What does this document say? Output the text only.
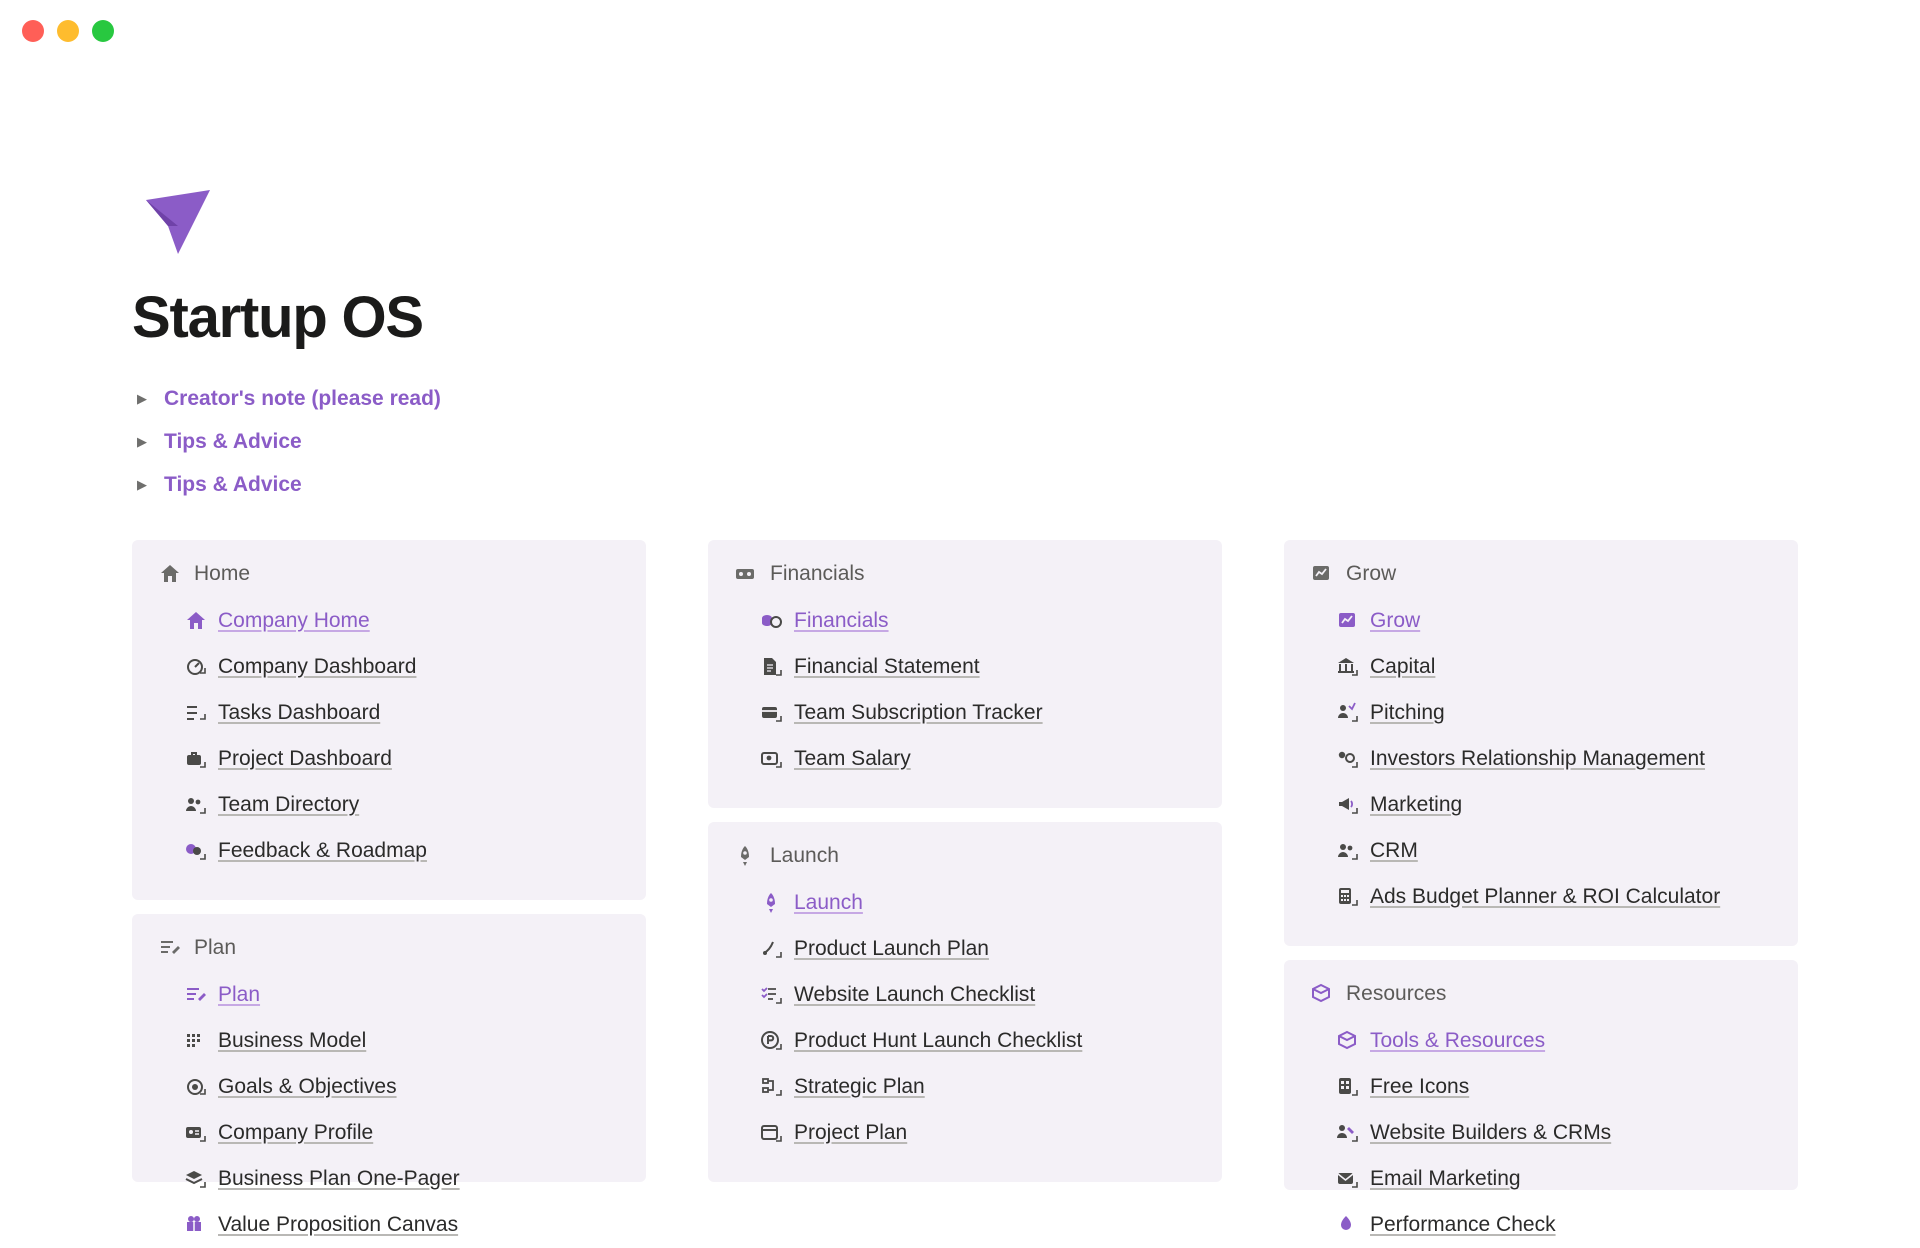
Startup OS
▶ Creator's note (please read)
▶ Tips & Advice
▶ Tips & Advice
Home
Company Home
Company Dashboard
Tasks Dashboard
Project Dashboard
Team Directory
Feedback & Roadmap
Plan
Plan
Business Model
Goals & Objectives
Company Profile
Business Plan One-Pager
Value Proposition Canvas
Financials
Financials
Financial Statement
Team Subscription Tracker
Team Salary
Launch
Launch
Product Launch Plan
Website Launch Checklist
Product Hunt Launch Checklist
Strategic Plan
Project Plan
Grow
Grow
Capital
Pitching
Investors Relationship Management
Marketing
CRM
Ads Budget Planner & ROI Calculator
Resources
Tools & Resources
Free Icons
Website Builders & CRMs
Email Marketing
Performance Check
